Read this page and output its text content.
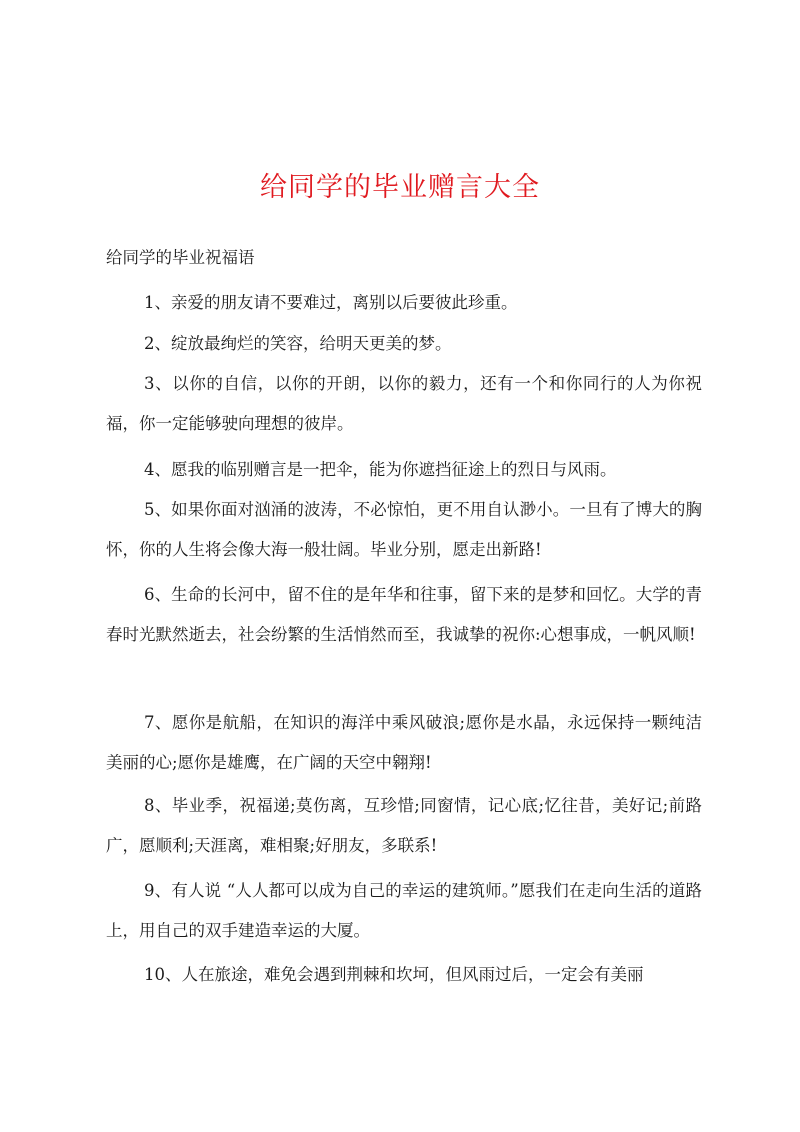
给同学的毕业赠言大全
给同学的毕业祝福语

1、亲爱的朋友请不要难过，离别以后要彼此珍重。

2、绽放最绚烂的笑容，给明天更美的梦。

3、以你的自信，以你的开朗，以你的毅力，还有一个和你同行的人为你祝福，你一定能够驶向理想的彼岸。

4、愿我的临别赠言是一把伞，能为你遮挡征途上的烈日与风雨。

5、如果你面对汹涌的波涛，不必惊怕，更不用自认渺小。一旦有了博大的胸怀，你的人生将会像大海一般壮阔。毕业分别，愿走出新路!

6、生命的长河中，留不住的是年华和往事，留下来的是梦和回忆。大学的青春时光默然逝去，社会纷繁的生活悄然而至，我诚挚的祝你:心想事成，一帆风顺!

7、愿你是航船，在知识的海洋中乘风破浪;愿你是水晶，永远保持一颗纯洁美丽的心;愿你是雄鹰，在广阔的天空中翱翔!

8、毕业季，祝福递;莫伤离，互珍惜;同窗情，记心底;忆往昔，美好记;前路广，愿顺利;天涯离，难相聚;好朋友，多联系!

9、有人说 “人人都可以成为自己的幸运的建筑师。”愿我们在走向生活的道路上，用自己的双手建造幸运的大厦。

10、人在旅途，难免会遇到荆棘和坎坷，但风雨过后，一定会有美丽
